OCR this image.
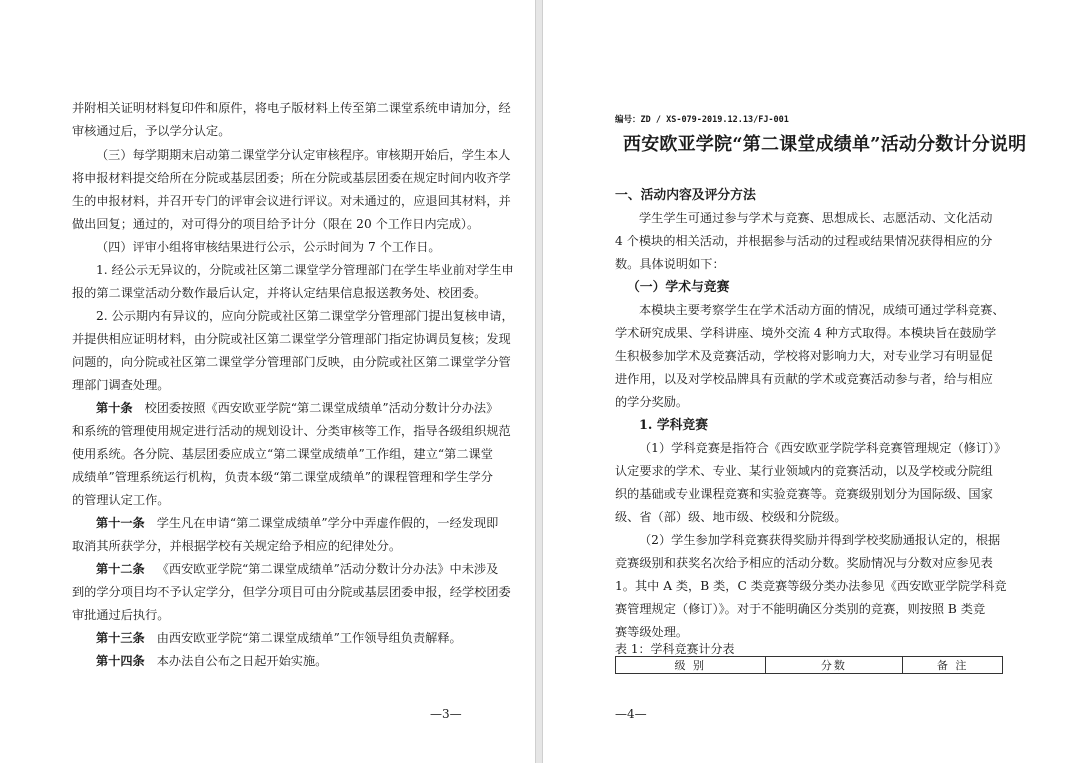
并附相关证明材料复印件和原件，将电子版材料上传至第二课堂系统申请加分，经
审核通过后，予以学分认定。
（三）每学期期末启动第二课堂学分认定审核程序。审核期开始后，学生本人
将申报材料提交给所在分院或基层团委；所在分院或基层团委在规定时间内收齐学
生的申报材料，并召开专门的评审会议进行评议。对未通过的，应退回其材料，并
做出回复；通过的，对可得分的项目给予计分（限在 20 个工作日内完成）。
（四）评审小组将审核结果进行公示，公示时间为 7 个工作日。
1. 经公示无异议的，分院或社区第二课堂学分管理部门在学生毕业前对学生申
报的第二课堂活动分数作最后认定，并将认定结果信息报送教务处、校团委。
2. 公示期内有异议的，应向分院或社区第二课堂学分管理部门提出复核申请，
并提供相应证明材料，由分院或社区第二课堂学分管理部门指定协调员复核；发现
问题的，向分院或社区第二课堂学分管理部门反映，由分院或社区第二课堂学分管
理部门调查处理。
第十条 校团委按照《西安欧亚学院“第二课堂成绩单”活动分数计分办法》
和系统的管理使用规定进行活动的规划设计、分类审核等工作，指导各级组织规范
使用系统。各分院、基层团委应成立“第二课堂成绩单”工作组，建立“第二课堂
成绩单”管理系统运行机构，负责本级“第二课堂成绩单”的课程管理和学生学分
的管理认定工作。
第十一条 学生凡在申请“第二课堂成绩单”学分中弄虚作假的，一经发现即
取消其所获学分，并根据学校有关规定给予相应的纪律处分。
第十二条 《西安欧亚学院“第二课堂成绩单”活动分数计分办法》中未涉及
到的学分项目均不予认定学分，但学分项目可由分院或基层团委申报，经学校团委
审批通过后执行。
第十三条 由西安欧亚学院“第二课堂成绩单”工作领导组负责解释。
第十四条 本办法自公布之日起开始实施。
—3—
编号：ZD / XS-079-2019.12.13/FJ-001
西安欧亚学院“第二课堂成绩单”活动分数计分说明
一、活动内容及评分方法
学生学生可通过参与学术与竞赛、思想成长、志愿活动、文化活动
4 个模块的相关活动，并根据参与活动的过程或结果情况获得相应的分
数。具体说明如下：
（一）学术与竞赛
本模块主要考察学生在学术活动方面的情况，成绩可通过学科竞赛、
学术研究成果、学科讲座、境外交流 4 种方式取得。本模块旨在鼓励学
生积极参加学术及竞赛活动，学校将对影响力大，对专业学习有明显促
进作用，以及对学校品牌具有贡献的学术或竞赛活动参与者，给与相应
的学分奖励。
1. 学科竞赛
（1）学科竞赛是指符合《西安欧亚学院学科竞赛管理规定（修订）》
认定要求的学术、专业、某行业领域内的竞赛活动，以及学校或分院组
织的基础或专业课程竞赛和实验竞赛等。竞赛级别划分为国际级、国家
级、省（部）级、地市级、校级和分院级。
（2）学生参加学科竞赛获得奖励并得到学校奖励通报认定的，根据
竞赛级别和获奖名次给予相应的活动分数。奖励情况与分数对应参见表
1。其中 A 类，B 类，C 类竞赛等级分类办法参见《西安欧亚学院学科竞
赛管理规定（修订）》。对于不能明确区分类别的竞赛，则按照 B 类竞
赛等级处理。
表 1：学科竞赛计分表
级 别	分数	备 注
—4—
